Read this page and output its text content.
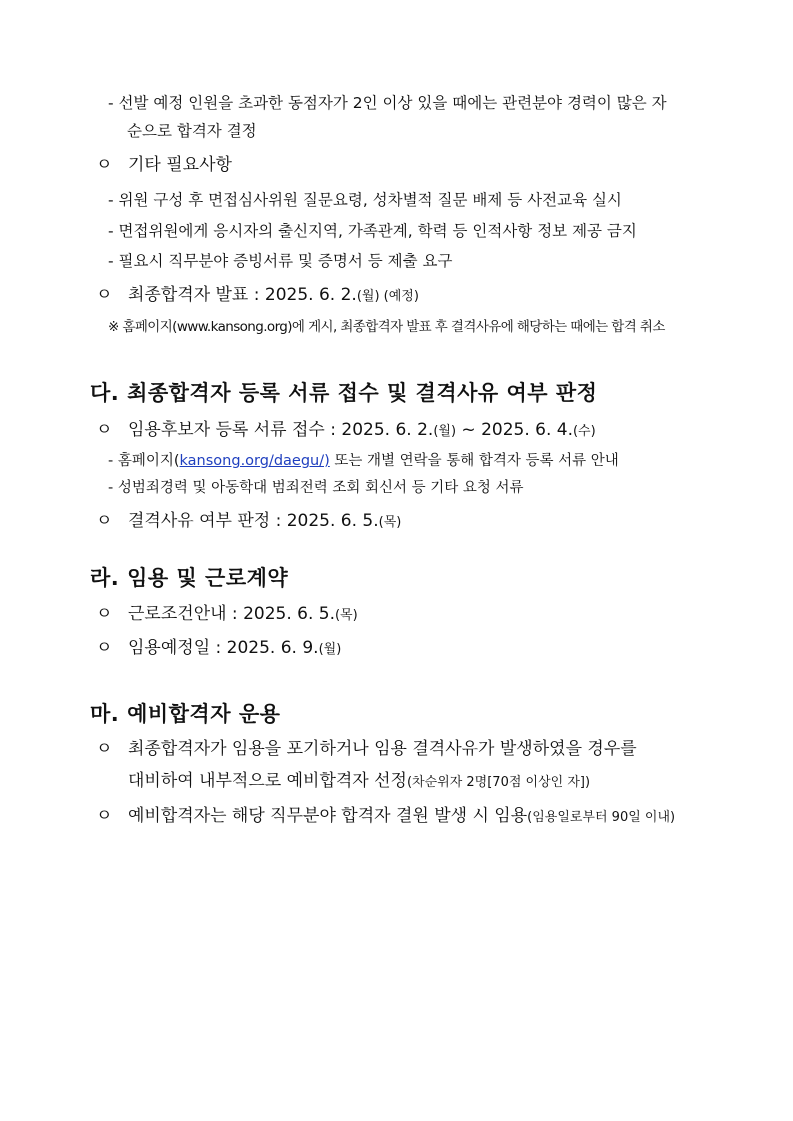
- 선발 예정 인원을 초과한 동점자가 2인 이상 있을 때에는 관련분야 경력이 많은 자
순으로 합격자 결정
ㅇ 기타 필요사항
- 위원 구성 후 면접심사위원 질문요령, 성차별적 질문 배제 등 사전교육 실시
- 면접위원에게 응시자의 출신지역, 가족관계, 학력 등 인적사항 정보 제공 금지
- 필요시 직무분야 증빙서류 및 증명서 등 제출 요구
ㅇ 최종합격자 발표 : 2025. 6. 2.(월) (예정)
※ 홈페이지(www.kansong.org)에 게시, 최종합격자 발표 후 결격사유에 해당하는 때에는 합격 취소
다. 최종합격자 등록 서류 접수 및 결격사유 여부 판정
ㅇ 임용후보자 등록 서류 접수 : 2025. 6. 2.(월) ~ 2025. 6. 4.(수)
- 홈페이지(kansong.org/daegu/) 또는 개별 연락을 통해 합격자 등록 서류 안내
- 성범죄경력 및 아동학대 범죄전력 조회 회신서 등 기타 요청 서류
ㅇ 결격사유 여부 판정 : 2025. 6. 5.(목)
라. 임용 및 근로계약
ㅇ 근로조건안내 : 2025. 6. 5.(목)
ㅇ 임용예정일 : 2025. 6. 9.(월)
마. 예비합격자 운용
ㅇ 최종합격자가 임용을 포기하거나 임용 결격사유가 발생하였을 경우를
대비하여 내부적으로 예비합격자 선정(차순위자 2명[70점 이상인 자])
ㅇ 예비합격자는 해당 직무분야 합격자 결원 발생 시 임용(임용일로부터 90일 이내)
